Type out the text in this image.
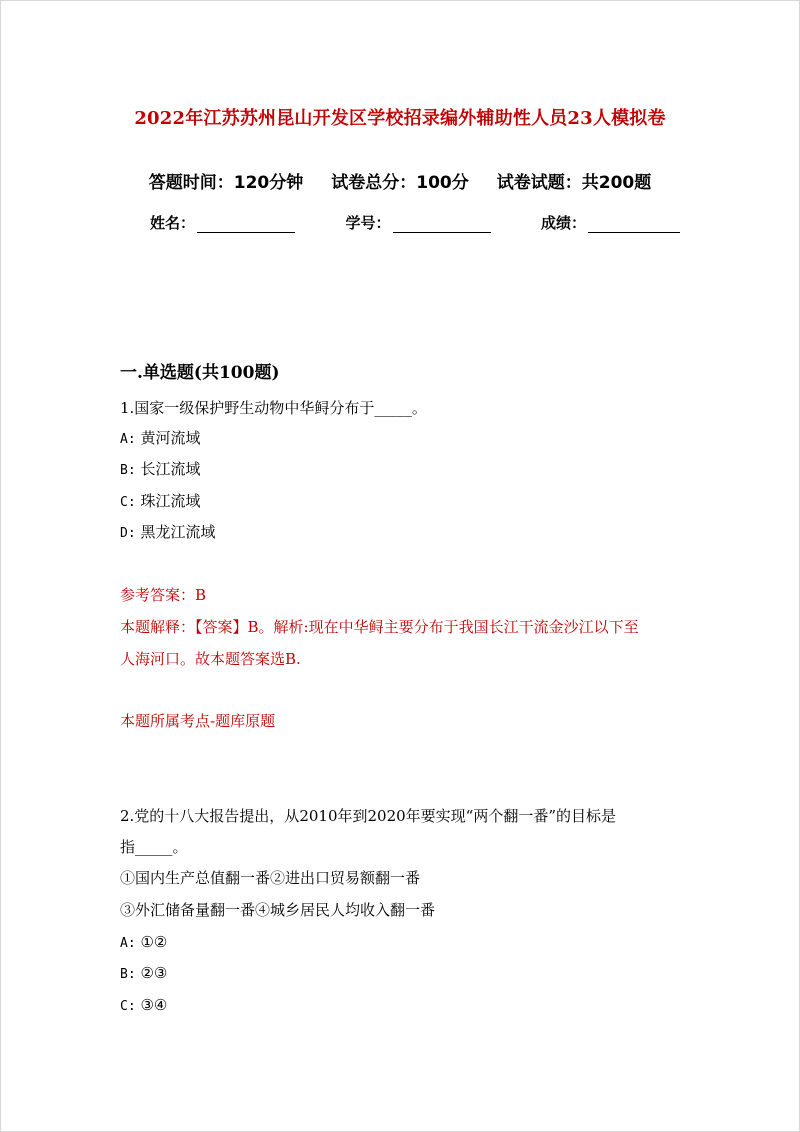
2022年江苏苏州昆山开发区学校招录编外辅助性人员23人模拟卷
答题时间：120分钟 试卷总分：100分 试卷试题：共200题
姓名：	学号：	成绩：
一.单选题(共100题)
1.国家一级保护野生动物中华鲟分布于_____。
A: 黄河流域
B: 长江流域
C: 珠江流域
D: 黑龙江流域
参考答案：B
本题解释：【答案】B。解析:现在中华鲟主要分布于我国长江干流金沙江以下至
人海河口。故本题答案选B.
本题所属考点-题库原题
2.党的十八大报告提出，从2010年到2020年要实现“两个翻一番”的目标是
指_____。
①国内生产总值翻一番②进出口贸易额翻一番
③外汇储备量翻一番④城乡居民人均收入翻一番
A: ①②
B: ②③
C: ③④
